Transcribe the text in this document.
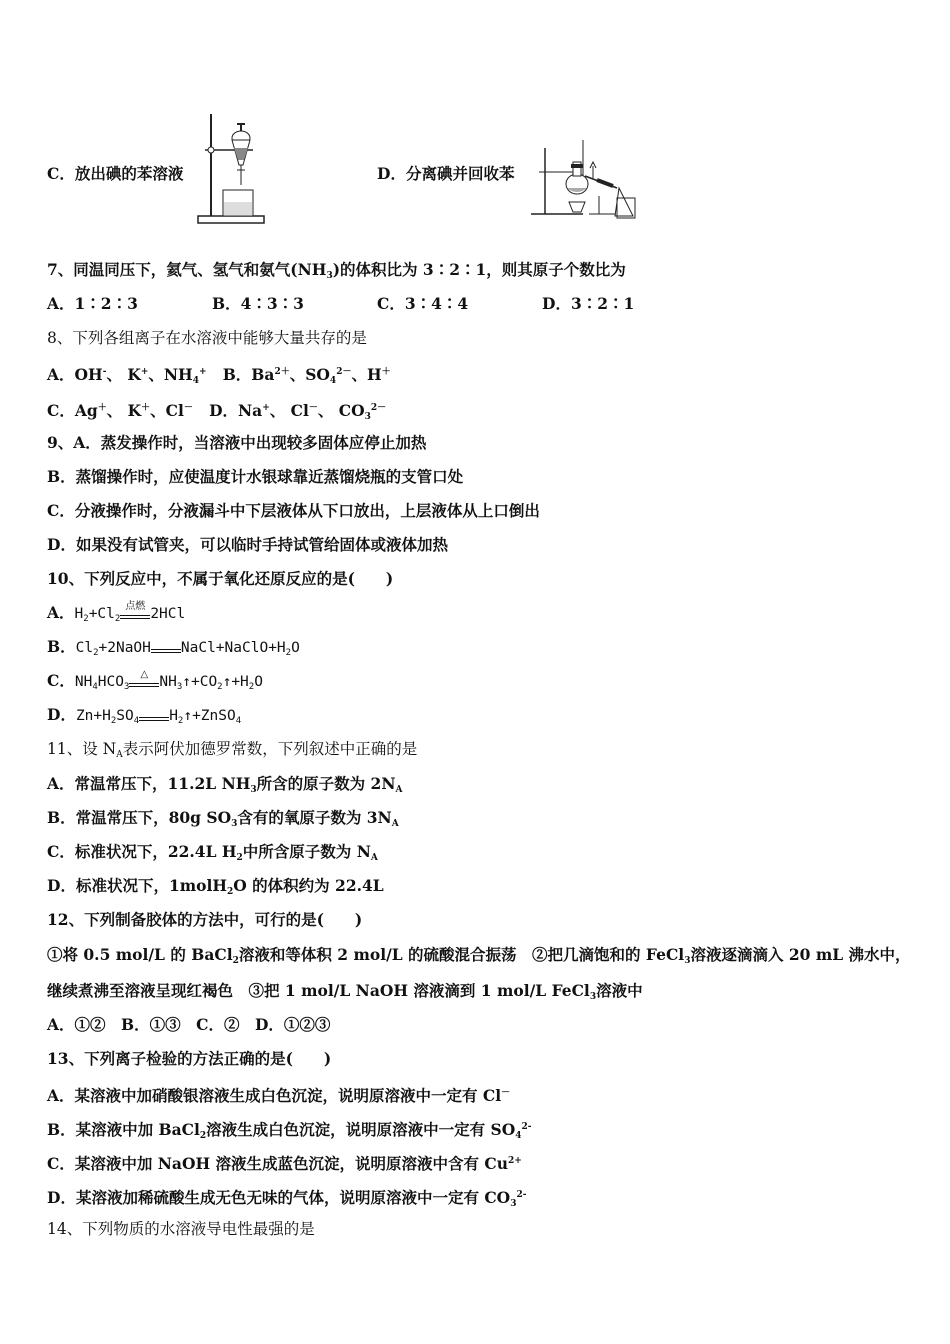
C．放出碘的苯溶液	D．分离碘并回收苯
7、同温同压下，氦气、氢气和氨气$(NH_3)$的体积比为 3∶2∶1，则其原子个数比为
A．1∶2∶3	B．4∶3∶3	C．3∶4∶4	D．3∶2∶1
8、下列各组离子在水溶液中能够大量共存的是
A．OH-、 K+、$NH_4^+$ B．$Ba^{2+}$、$SO_4^{2-}$、H＋
C．Ag＋、 K＋、Cl－ D．Na+、 Cl－、 $CO_3^{2-}$
9、A．蒸发操作时，当溶液中出现较多固体应停止加热
B．蒸馏操作时，应使温度计水银球靠近蒸馏烧瓶的支管口处
C．分液操作时，分液漏斗中下层液体从下口放出，上层液体从上口倒出
D．如果没有试管夹，可以临时手持试管给固体或液体加热
10、下列反应中，不属于氧化还原反应的是(　　)
A．$H_2+Cl_2$
点燃 2HCl
B．$Cl_2+2NaOH$ $NaCl+NaClO+H_2O$
C．$NH_4HCO_3$
△ $NH_3↑+CO_2↑+H_2O$
D．$Zn+H_2SO_4$ $H_2↑+ZnSO_4$
11、设 $N_A$表示阿伏加德罗常数，下列叙述中正确的是
A．常温常压下，11.2L $NH_3$所含的原子数为 $2N_A$
B．常温常压下，80g $SO_3$含有的氧原子数为 $3N_A$
C．标准状况下，22.4L $H_2$中所含原子数为 $N_A$
D．标准状况下，1molH$_2$O 的体积约为 22.4L
12、下列制备胶体的方法中，可行的是(　　)
①将 0.5 mol/L 的 BaCl$_2$溶液和等体积 2 mol/L 的硫酸混合振荡　②把几滴饱和的 FeCl$_3$溶液逐滴滴入 20 mL 沸水中，
继续煮沸至溶液呈现红褐色　③把 1 mol/L NaOH 溶液滴到 1 mol/L FeCl$_3$溶液中
A．①②　B．①③　C．②　D．①②③
13、下列离子检验的方法正确的是(　　)
A．某溶液中加硝酸银溶液生成白色沉淀，说明原溶液中一定有 Cl－
B．某溶液中加 BaCl$_2$溶液生成白色沉淀，说明原溶液中一定有 $SO_4^{2-}$
C．某溶液中加 NaOH 溶液生成蓝色沉淀，说明原溶液中含有 $Cu^{2+}$
D．某溶液加稀硫酸生成无色无味的气体，说明原溶液中一定有 $CO_3^{2-}$
14、下列物质的水溶液导电性最强的是
